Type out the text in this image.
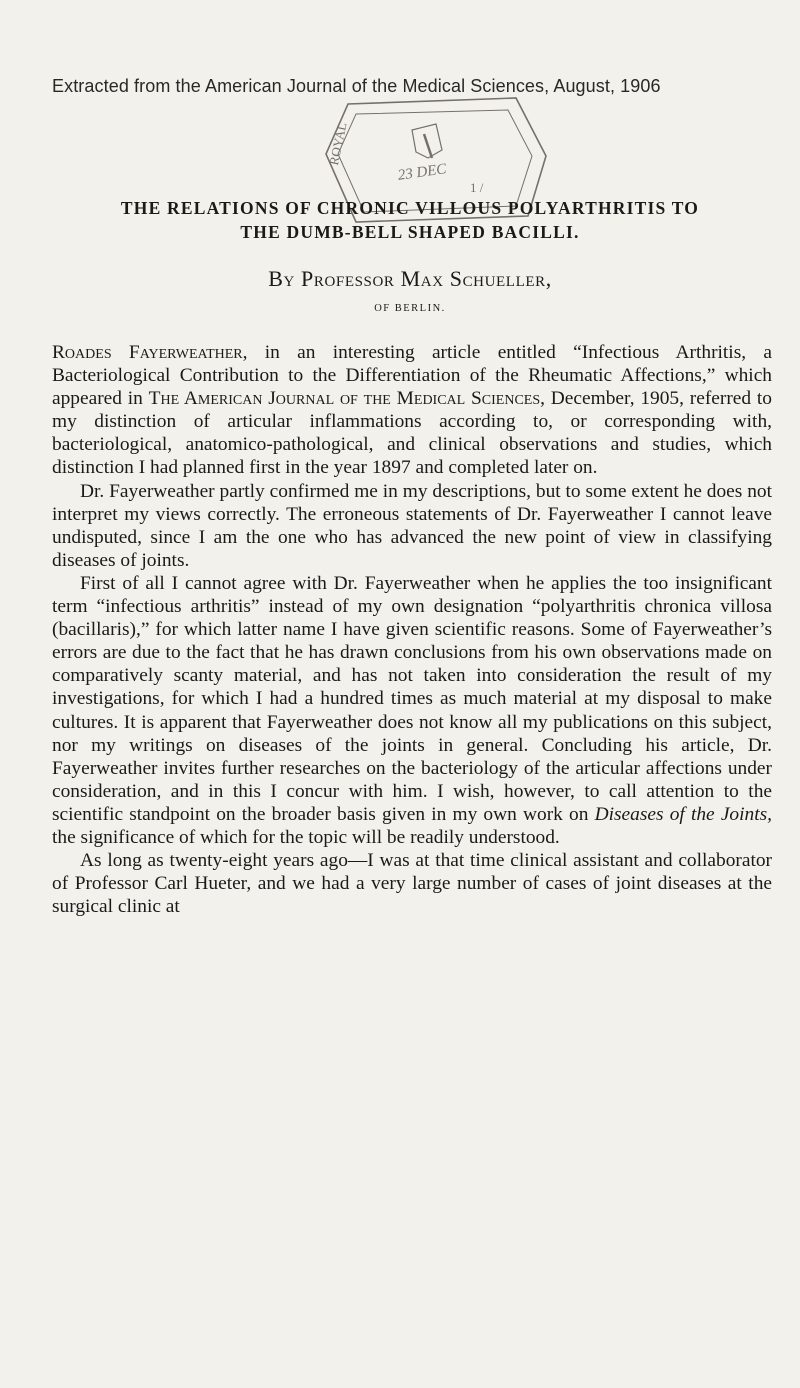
Extracted from the American Journal of the Medical Sciences, August, 1906
ROYAL
23 DEC
1 /
THE RELATIONS OF CHRONIC VILLOUS POLYARTHRITIS TO
THE DUMB-BELL SHAPED BACILLI.
By Professor Max Schueller,
OF BERLIN.

Roades Fayerweather, in an interesting article entitled “Infectious Arthritis, a Bacteriological Contribution to the Differentiation of the Rheumatic Affections,” which appeared in The American Journal of the Medical Sciences, December, 1905, referred to my distinction of articular inflammations according to, or corresponding with, bacteriological, anatomico-pathological, and clinical observations and studies, which distinction I had planned first in the year 1897 and completed later on.

Dr. Fayerweather partly confirmed me in my descriptions, but to some extent he does not interpret my views correctly. The erroneous statements of Dr. Fayerweather I cannot leave undisputed, since I am the one who has advanced the new point of view in classifying diseases of joints.

First of all I cannot agree with Dr. Fayerweather when he applies the too insignificant term “infectious arthritis” instead of my own designation “polyarthritis chronica villosa (bacillaris),” for which latter name I have given scientific reasons. Some of Fayerweather’s errors are due to the fact that he has drawn conclusions from his own observations made on comparatively scanty material, and has not taken into consideration the result of my investigations, for which I had a hundred times as much material at my disposal to make cultures. It is apparent that Fayerweather does not know all my publications on this subject, nor my writings on diseases of the joints in general. Concluding his article, Dr. Fayerweather invites further researches on the bacteriology of the articular affections under consideration, and in this I concur with him. I wish, however, to call attention to the scientific standpoint on the broader basis given in my own work on Diseases of the Joints, the significance of which for the topic will be readily understood.

As long as twenty-eight years ago—I was at that time clinical assistant and collaborator of Professor Carl Hueter, and we had a very large number of cases of joint diseases at the surgical clinic at
